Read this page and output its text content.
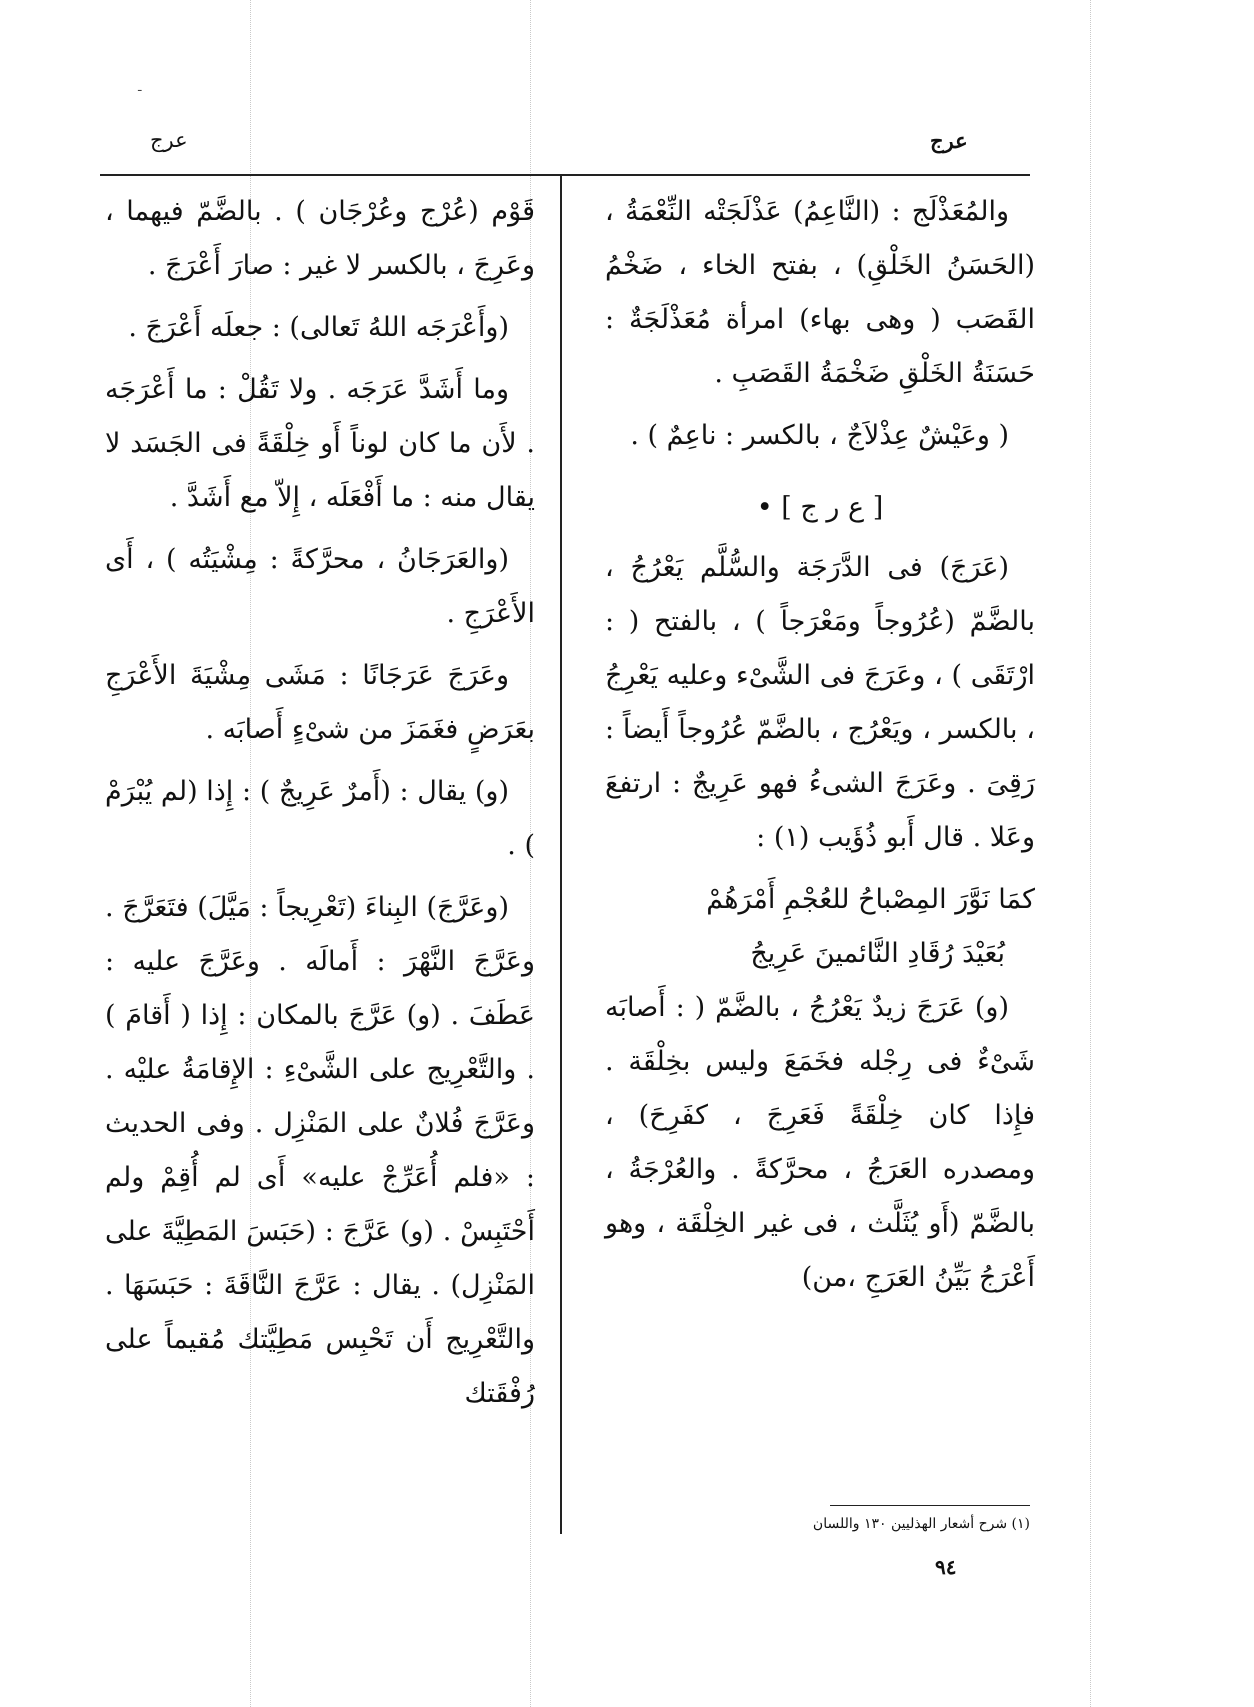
ـ
عرج
عرج

والمُعَذْلَج : (النَّاعِمُ) عَذْلَجَتْه النِّعْمَةُ ، (الحَسَنُ الخَلْقِ) ، بفتح الخاء ، ضَخْمُ القَصَب ( وهى بهاء) امرأة مُعَذْلَجَةٌ : حَسَنَةُ الخَلْقِ ضَخْمَةُ القَصَبِ .

( وعَيْشٌ عِذْلاَجٌ ، بالكسر : ناعِمٌ ) .

[ ع ر ج ] •

(عَرَجَ) فى الدَّرَجَة والسُّلَّم يَعْرُجُ ، بالضَّمّ (عُرُوجاً ومَعْرَجاً ) ، بالفتح ( : ارْتَقَى ) ، وعَرَجَ فى الشَّىْء وعليه يَعْرِجُ ، بالكسر ، ويَعْرُج ، بالضَّمّ عُرُوجاً أَيضاً : رَقِىَ . وعَرَجَ الشىءُ فهو عَرِيجٌ : ارتفعَ وعَلا . قال أَبو ذُؤَيب (١) :

كمَا نَوَّرَ المِصْباحُ للعُجْمِ أَمْرَهُمْ

بُعَيْدَ رُقَادِ النَّائمينَ عَرِيجُ

(و) عَرَجَ زيدٌ يَعْرُجُ ، بالضَّمّ ( : أَصابَه شَىْءٌ فى رِجْله فخَمَعَ وليس بخِلْقَة . فإِذا كان خِلْقَةً فَعَرِجَ ، كفَرِحَ) ، ومصدره العَرَجُ ، محرَّكةً . والعُرْجَةُ ، بالضَّمّ (أَو يُثَلَّث ، فى غير الخِلْقَة ، وهو أَعْرَجُ بَيِّنُ العَرَجِ ،من)

قَوْم (عُرْج وعُرْجَان ) . بالضَّمّ فيهما ، وعَرِجَ ، بالكسر لا غير : صارَ أَعْرَجَ .

(وأَعْرَجَه اللهُ تَعالى) : جعلَه أَعْرَجَ .

وما أَشَدَّ عَرَجَه . ولا تَقُلْ : ما أَعْرَجَه . لأَن ما كان لوناً أَو خِلْقَةً فى الجَسَد لا يقال منه : ما أَفْعَلَه ، إِلاّ مع أَشَدَّ .

(والعَرَجَانُ ، محرَّكةً : مِشْيَتُه ) ، أَى الأَعْرَجِ .

وعَرَجَ عَرَجَانًا : مَشَى مِشْيَةَ الأَعْرَجِ بعَرَضٍ فغَمَزَ من شىْءٍ أَصابَه .

(و) يقال : (أَمرٌ عَرِيجٌ ) : إِذا (لم يُبْرَمْ ) .

(وعَرَّجَ) البِناءَ (تَعْرِيجاً : مَيَّلَ) فتَعَرَّجَ . وعَرَّجَ النَّهْرَ : أَمالَه . وعَرَّجَ عليه : عَطَفَ . (و) عَرَّجَ بالمكان : إِذا ( أَقامَ ) . والتَّعْرِيج على الشَّىْءِ : الإِقامَةُ عليْه . وعَرَّجَ فُلانٌ على المَنْزِل . وفى الحديث : «فلم أُعَرِّجْ عليه» أَى لم أُقِمْ ولم أَحْتَبِسْ . (و) عَرَّجَ : (حَبَسَ المَطِيَّةَ على المَنْزِل) . يقال : عَرَّجَ النَّاقَةَ : حَبَسَهَا . والتَّعْرِيج أَن تَحْبِس مَطِيَّتك مُقيماً على رُفْقَتك

(١) شرح أشعار الهذليين ١٣٠ واللسان
٩٤
